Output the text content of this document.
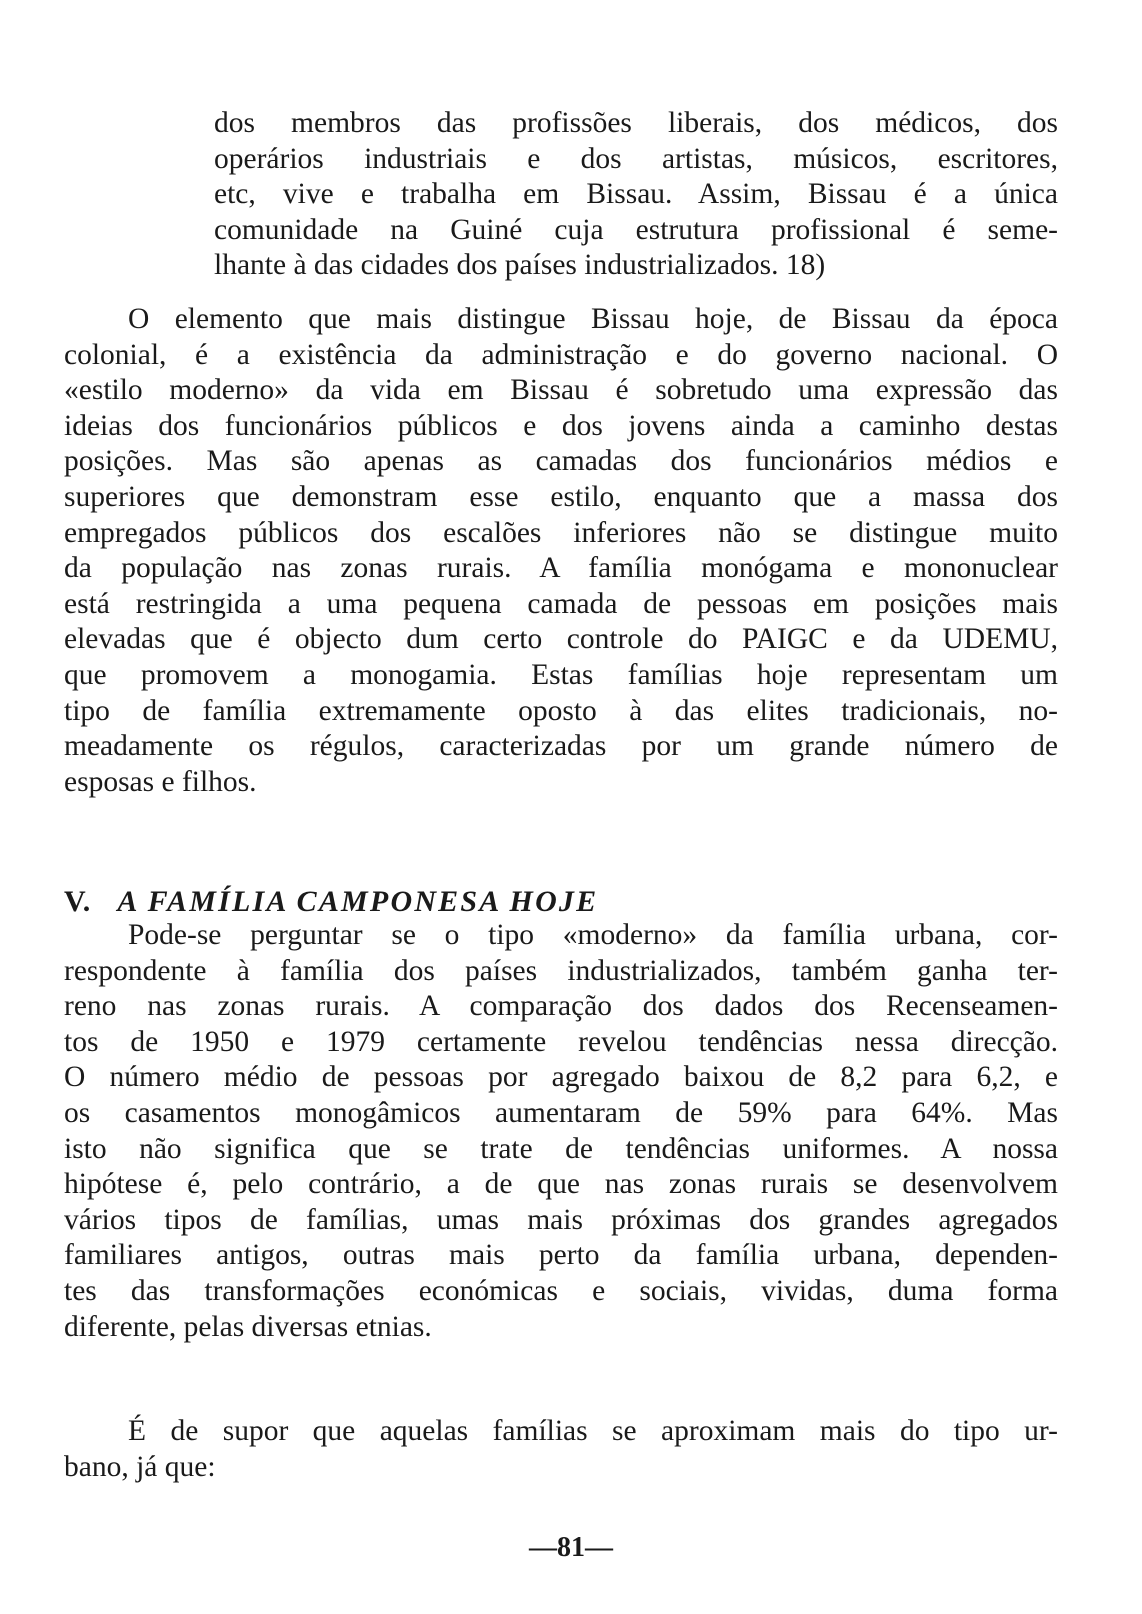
dos membros das profissões liberais, dos médicos, dos
operários industriais e dos artistas, músicos, escritores,
etc, vive e trabalha em Bissau. Assim, Bissau é a única
comunidade na Guiné cuja estrutura profissional é seme-
lhante à das cidades dos países industrializados. 18)

O elemento que mais distingue Bissau hoje, de Bissau da época
colonial, é a existência da administração e do governo nacional. O
«estilo moderno» da vida em Bissau é sobretudo uma expressão das
ideias dos funcionários públicos e dos jovens ainda a caminho destas
posições. Mas são apenas as camadas dos funcionários médios e
superiores que demonstram esse estilo, enquanto que a massa dos
empregados públicos dos escalões inferiores não se distingue muito
da população nas zonas rurais. A família monógama e mononuclear
está restringida a uma pequena camada de pessoas em posições mais
elevadas que é objecto dum certo controle do PAIGC e da UDEMU,
que promovem a monogamia. Estas famílias hoje representam um
tipo de família extremamente oposto à das elites tradicionais, no-
meadamente os régulos, caracterizadas por um grande número de
esposas e filhos.

V. A FAMÍLIA CAMPONESA HOJE

Pode-se perguntar se o tipo «moderno» da família urbana, cor-
respondente à família dos países industrializados, também ganha ter-
reno nas zonas rurais. A comparação dos dados dos Recenseamen-
tos de 1950 e 1979 certamente revelou tendências nessa direcção.
O número médio de pessoas por agregado baixou de 8,2 para 6,2, e
os casamentos monogâmicos aumentaram de 59% para 64%. Mas
isto não significa que se trate de tendências uniformes. A nossa
hipótese é, pelo contrário, a de que nas zonas rurais se desenvolvem
vários tipos de famílias, umas mais próximas dos grandes agregados
familiares antigos, outras mais perto da família urbana, dependen-
tes das transformações económicas e sociais, vividas, duma forma
diferente, pelas diversas etnias.

É de supor que aquelas famílias se aproximam mais do tipo ur-
bano, já que:

—81—
